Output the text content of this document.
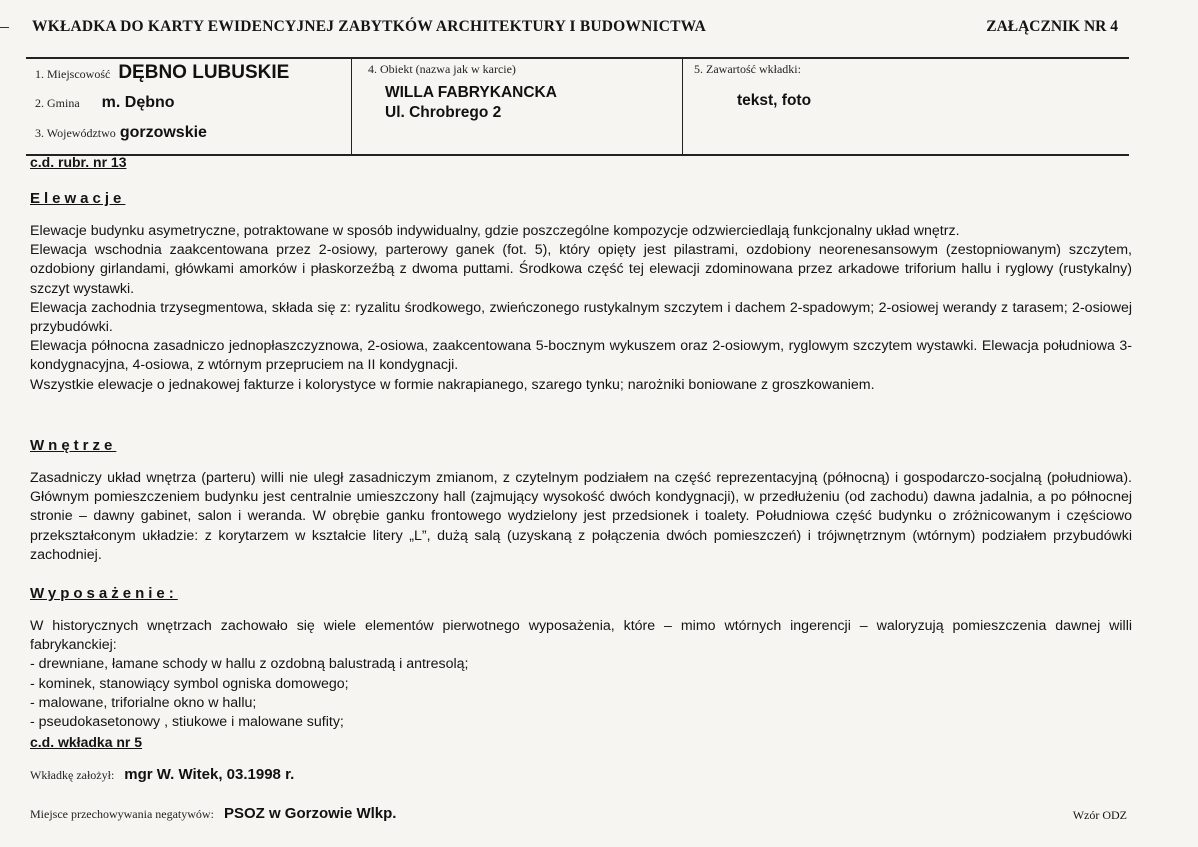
WKŁADKA DO KARTY EWIDENCYJNEJ ZABYTKÓW ARCHITEKTURY I BUDOWNICTWA	ZAŁĄCZNIK NR 4
1. Miejscowość DĘBNO LUBUSKIE
2. Gmina m. Dębno
3. Województwo gorzowskie
4. Obiekt (nazwa jak w karcie)
WILLA FABRYKANCKA
Ul. Chrobrego 2
5. Zawartość wkładki:
tekst, foto
c.d. rubr. nr 13
Elewacje

Elewacje budynku asymetryczne, potraktowane w sposób indywidualny, gdzie poszczególne kompozycje odzwierciedlają funkcjonalny układ wnętrz.

Elewacja wschodnia zaakcentowana przez 2-osiowy, parterowy ganek (fot. 5), który opięty jest pilastrami, ozdobiony neorenesansowym (zestopniowanym) szczytem, ozdobiony girlandami, główkami amorków i płaskorzeźbą z dwoma puttami. Środkowa część tej elewacji zdominowana przez arkadowe triforium hallu i ryglowy (rustykalny) szczyt wystawki.

Elewacja zachodnia trzysegmentowa, składa się z: ryzalitu środkowego, zwieńczonego rustykalnym szczytem i dachem 2-spadowym; 2-osiowej werandy z tarasem; 2-osiowej przybudówki.

Elewacja północna zasadniczo jednopłaszczyznowa, 2-osiowa, zaakcentowana 5-bocznym wykuszem oraz 2-osiowym, ryglowym szczytem wystawki. Elewacja południowa 3-kondygnacyjna, 4-osiowa, z wtórnym przepruciem na II kondygnacji.

Wszystkie elewacje o jednakowej fakturze i kolorystyce w formie nakrapianego, szarego tynku; narożniki boniowane z groszkowaniem.

Wnętrze

Zasadniczy układ wnętrza (parteru) willi nie uległ zasadniczym zmianom, z czytelnym podziałem na część reprezentacyjną (północną) i gospodarczo-socjalną (południowa). Głównym pomieszczeniem budynku jest centralnie umieszczony hall (zajmujący wysokość dwóch kondygnacji), w przedłużeniu (od zachodu) dawna jadalnia, a po północnej stronie – dawny gabinet, salon i weranda. W obrębie ganku frontowego wydzielony jest przedsionek i toalety. Południowa część budynku o zróżnicowanym i częściowo przekształconym układzie: z korytarzem w kształcie litery „L”, dużą salą (uzyskaną z połączenia dwóch pomieszczeń) i trójwnętrznym (wtórnym) podziałem przybudówki zachodniej.

Wyposażenie:

W historycznych wnętrzach zachowało się wiele elementów pierwotnego wyposażenia, które – mimo wtórnych ingerencji – waloryzują pomieszczenia dawnej willi fabrykanckiej:

- drewniane, łamane schody w hallu z ozdobną balustradą i antresolą;
- kominek, stanowiący symbol ogniska domowego;
- malowane, triforialne okno w hallu;
- pseudokasetonowy , stiukowe i malowane sufity;
c.d. wkładka nr 5
Wkładkę założył: mgr W. Witek, 03.1998 r.
Miejsce przechowywania negatywów: PSOZ w Gorzowie Wlkp.	Wzór ODZ
